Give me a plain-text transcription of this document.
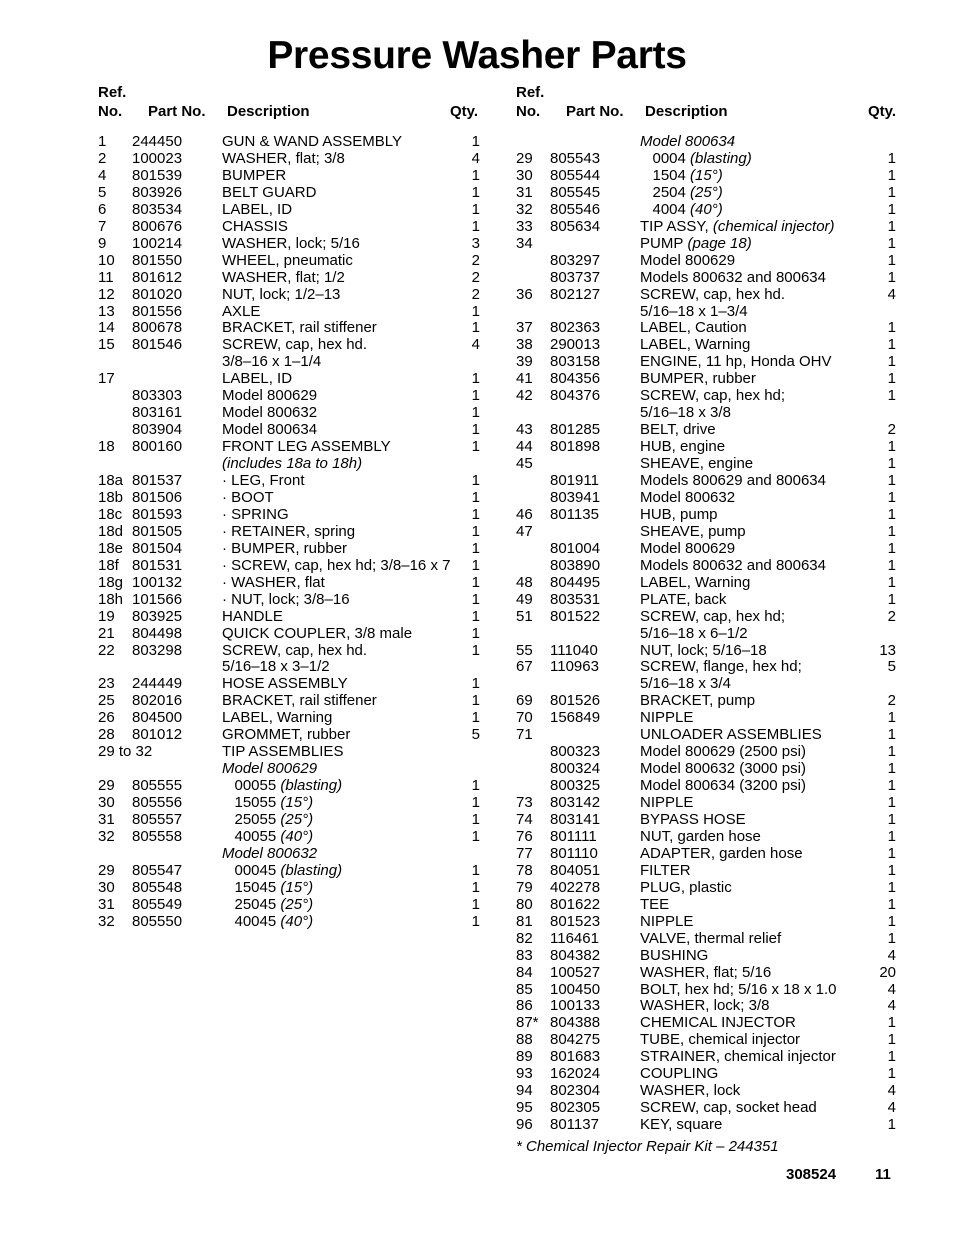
Pressure Washer Parts
Ref.
No. Part No. Description	Qty.
1 244450	GUN & WAND ASSEMBLY	1
2 100023	WASHER, flat; 3/8	4
4 801539	BUMPER	1
5 803926	BELT GUARD	1
6 803534	LABEL, ID	1
7 800676	CHASSIS	1
9 100214	WASHER, lock; 5/16	3
10 801550	WHEEL, pneumatic	2
11 801612	WASHER, flat; 1/2	2
12 801020	NUT, lock; 1/2–13	2
13 801556	AXLE	1
14 800678	BRACKET, rail stiffener	1
15 801546	SCREW, cap, hex hd.	4
3/8–16 x 1–1/4
17	LABEL, ID	1
803303	Model 800629	1
803161	Model 800632	1
803904	Model 800634	1
18 800160	FRONT LEG ASSEMBLY	1
(includes 18a to 18h)
18a 801537	· LEG, Front	1
18b 801506	· BOOT	1
18c 801593	· SPRING	1
18d 801505	· RETAINER, spring	1
18e 801504	· BUMPER, rubber	1
18f 801531	· SCREW, cap, hex hd; 3/8–16 x 7 1
18g 100132	· WASHER, flat	1
18h 101566	· NUT, lock; 3/8–16	1
19 803925	HANDLE	1
21 804498	QUICK COUPLER, 3/8 male	1
22 803298	SCREW, cap, hex hd.	1
5/16–18 x 3–1/2
23 244449	HOSE ASSEMBLY	1
25 802016	BRACKET, rail stiffener	1
26 804500	LABEL, Warning	1
28 801012	GROMMET, rubber	5
29 to 32	TIP ASSEMBLIES
Model 800629
29 805555	00055 (blasting)	1
30 805556	15055 (15°)	1
31 805557	25055 (25°)	1
32 805558	40055 (40°)	1
Model 800632
29 805547	00045 (blasting)	1
30 805548	15045 (15°)	1
31 805549	25045 (25°)	1
32 805550	40045 (40°)	1
Ref.
No. Part No. Description	Qty.
Model 800634
29 805543	0004 (blasting)	1
30 805544	1504 (15°)	1
31 805545	2504 (25°)	1
32 805546	4004 (40°)	1
33 805634	TIP ASSY, (chemical injector)	1
34	PUMP (page 18)	1
803297	Model 800629	1
803737	Models 800632 and 800634	1
36 802127	SCREW, cap, hex hd.	4
5/16–18 x 1–3/4
37 802363	LABEL, Caution	1
38 290013	LABEL, Warning	1
39 803158	ENGINE, 11 hp, Honda OHV	1
41 804356	BUMPER, rubber	1
42 804376	SCREW, cap, hex hd;	1
5/16–18 x 3/8
43 801285	BELT, drive	2
44 801898	HUB, engine	1
45	SHEAVE, engine	1
801911	Models 800629 and 800634	1
803941	Model 800632	1
46 801135	HUB, pump	1
47	SHEAVE, pump	1
801004	Model 800629	1
803890	Models 800632 and 800634	1
48 804495	LABEL, Warning	1
49 803531	PLATE, back	1
51 801522	SCREW, cap, hex hd;	2
5/16–18 x 6–1/2
55 111040	NUT, lock; 5/16–18	13
67 110963	SCREW, flange, hex hd;	5
5/16–18 x 3/4
69 801526	BRACKET, pump	2
70 156849	NIPPLE	1
71	UNLOADER ASSEMBLIES	1
800323	Model 800629 (2500 psi)	1
800324	Model 800632 (3000 psi)	1
800325	Model 800634 (3200 psi)	1
73 803142	NIPPLE	1
74 803141	BYPASS HOSE	1
76 801111	NUT, garden hose	1
77 801110	ADAPTER, garden hose	1
78 804051	FILTER	1
79 402278	PLUG, plastic	1
80 801622	TEE	1
81 801523	NIPPLE	1
82 116461	VALVE, thermal relief	1
83 804382	BUSHING	4
84 100527	WASHER, flat; 5/16	20
85 100450	BOLT, hex hd; 5/16 x 18 x 1.0	4
86 100133	WASHER, lock; 3/8	4
87* 804388	CHEMICAL INJECTOR	1
88 804275	TUBE, chemical injector	1
89 801683	STRAINER, chemical injector	1
93 162024	COUPLING	1
94 802304	WASHER, lock	4
95 802305	SCREW, cap, socket head	4
96 801137	KEY, square	1
* Chemical Injector Repair Kit – 244351
308524	11
